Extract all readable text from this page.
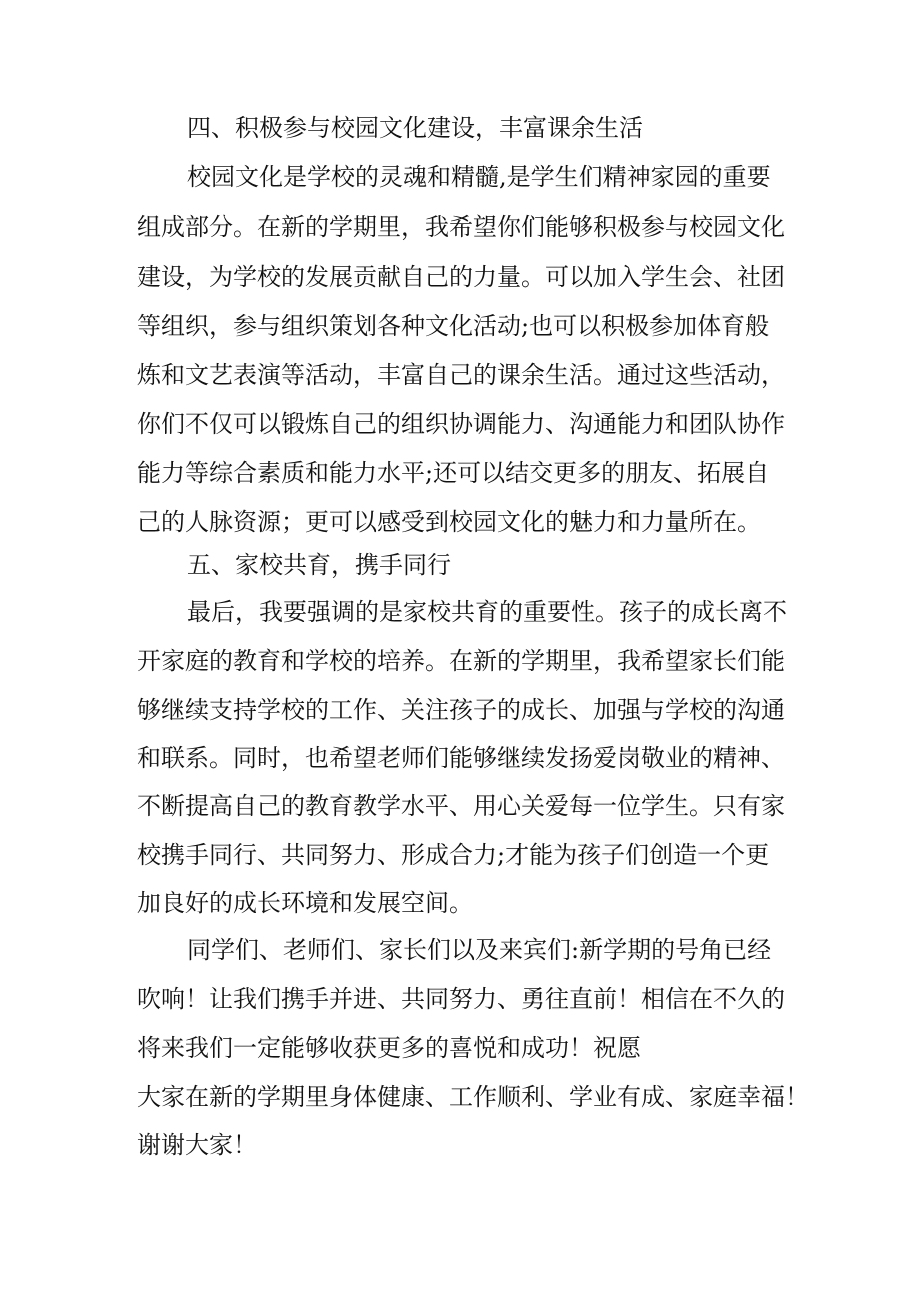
四、积极参与校园文化建设，丰富课余生活
校园文化是学校的灵魂和精髓,是学生们精神家园的重要
组成部分。在新的学期里，我希望你们能够积极参与校园文化
建设，为学校的发展贡献自己的力量。可以加入学生会、社团
等组织，参与组织策划各种文化活动;也可以积极参加体育般
炼和文艺表演等活动，丰富自己的课余生活。通过这些活动，
你们不仅可以锻炼自己的组织协调能力、沟通能力和团队协作
能力等综合素质和能力水平;还可以结交更多的朋友、拓展自
己的人脉资源；更可以感受到校园文化的魅力和力量所在。
五、家校共育，携手同行
最后，我要强调的是家校共育的重要性。孩子的成长离不
开家庭的教育和学校的培养。在新的学期里，我希望家长们能
够继续支持学校的工作、关注孩子的成长、加强与学校的沟通
和联系。同时，也希望老师们能够继续发扬爱岗敬业的精神、
不断提高自己的教育教学水平、用心关爱每一位学生。只有家
校携手同行、共同努力、形成合力;才能为孩子们创造一个更
加良好的成长环境和发展空间。
同学们、老师们、家长们以及来宾们:新学期的号角已经
吹响！让我们携手并进、共同努力、勇往直前！相信在不久的
将来我们一定能够收获更多的喜悦和成功！祝愿
大家在新的学期里身体健康、工作顺利、学业有成、家庭幸福！
谢谢大家！
